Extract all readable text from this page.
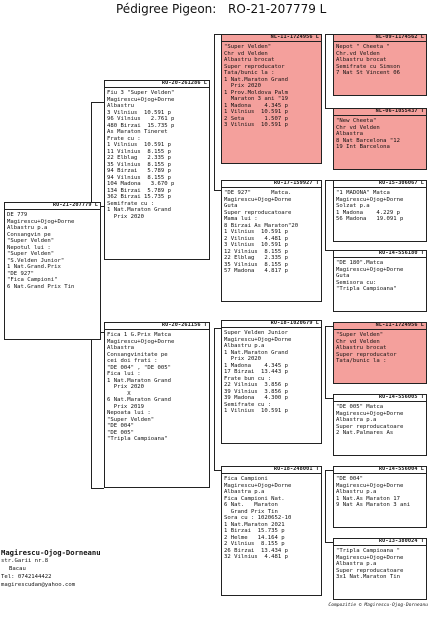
Pédigree Pigeon: RO-21-207779 L
RO-21-207779 L
DE 779
Magirescu+Ojog+Dorne
Albastru p.a
Consangvin pe
"Super Velden"
Nepotul lui :
"Super Velden"
"S.Velden Junior"
1 Nat.Grand.Prix
"DE 927"
"Fica Campioni"
6 Nat.Grand Prix Tin
RO-20-261286 L
Fiu 3 "Super Velden"
Magirescu+Ojog+Dorne
Albastru
3 Vilnius  10.591 p
96 Vilnius   2.761 p
480 Birzai  15.735 p
As Maraton Tineret
Frate cu :
1 Vilnius  10.591 p
11 Vilnius  8.155 p
22 Elblag   2.335 p
35 Vilnius  8.155 p
94 Birzai   5.789 p
94 Vilnius  8.155 p
104 Madona   3.670 p
134 Birzai  5.789 p
362 Birzai 15.735 p
Semifrate cu :
1 Nat.Maraton Grand
Prix 2020
RO-20-261156 T
Fica 1 G.Prix Matca
Magirescu+Ojog+Dorne
Albastra
Consangvinitate pe
cei doi frati :
"DE 004" , "DE 005"
Fica lui :
1 Nat.Maraton Grand
Prix 2020
X
6 Nat.Maraton Grand
Prix 2019
Nepoata lui :
"Super Velden"
"DE 004"
"DE 005"
"Tripla Campioana"
NL-11-1724956 L
"Super Velden"
Chr vd Velden
Albastru brocat
Super reproducator
Tata/bunic la :
1 Nat.Maraton Grand
Prix 2020
1 Prov.Moldova Palm
Maraton 3 ani "19
1 Madona    4.345 p
1 Vilnius  10.591 p
2 Seta      1.507 p
3 Vilnius  10.591 p
RO-17-159927 T
"DE 927"      Matca.
Magirescu+Ojog+Dorne
Guta
Super reproducatoare
Mama lui :
8 Birzai As Maraton"20
1 Vilnius  10.591 p
2 Vilnius   4.481 p
3 Vilnius  10.591 p
12 Vilnius  8.155 p
22 Elblag   2.335 p
35 Vilnius  8.155 p
57 Madona   4.817 p
RO-18-1020679 L
Super Velden Junior
Magirescu+Ojog+Dorne
Albastru p.a
1 Nat.Maraton Grand
Prix 2020
1 Madona    4.345 p
17 Birzai  13.443 p
Frate bun cu :
22 Vilnius  3.856 p
39 Vilnius  3.856 p
39 Madona   4.300 p
Semifrate cu :
1 Vilnius  10.591 p
RO-18-248001 T
Fica Campioni
Magirescu+Ojog+Dorne
Albastra p.a
Fica Campioni Nat.
6 Nat.   Maraton
Grand Prix Tin
Sora cu : 1020652-10
1 Nat.Maraton 2021
1 Birzai  15.735 p
2 Helme   14.164 p
2 Vilnius  8.155 p
26 Birzai  13.434 p
32 Vilnius  4.481 p
NL-09-1174562 L
Nepot " Cheeta "
Chr.vd Velden
Albastru brocat
Semifrate cu Simson
7 Nat St Vincent 06
NL-06-1055437 T
"New Cheeta"
Chr vd Velden
Albastra
8 Nat Barcelona "12
19 Int Barcelona
RO-15-306067 L
"1 MADONA" Matca
Magirescu+Ojog+Dorne
Solzat p.a
1 Madona    4.229 p
56 Madona   19.091 p
RO-14-556180 T
"DE 180".Matca
Magirescu+Ojog+Dorne
Guta
Semisora cu:
"Tripla Campioana"
NL-11-1724956 L
"Super Velden"
Chr vd Velden
Albastru brocat
Super reproducator
Tata/bunic la :
RO-14-556005 T
"DE 005" Matca
Magirescu+Ojog+Dorne
Albastra p.a
Super reproducatoare
2 Nat.Palmares As
RO-14-556004 L
"DE 004"
Magirescu+Ojog+Dorne
Albastru p.a
1 Nat.As Maraton 17
9 Nat As Maraton 3 ani
RO-13-380024 T
"Tripla Campioana "
Magirescu+Ojog+Dorne
Albastra p.a
Super reproducatoare
3x1 Nat.Maraton Tin
Magirescu-Ojog-Dorneanu
str.Garii nr.8
Bacau
Tel: 0742144422
magirescudan@yahoo.com
Compozitie © Magirescu-Ojog-Dorneanu
